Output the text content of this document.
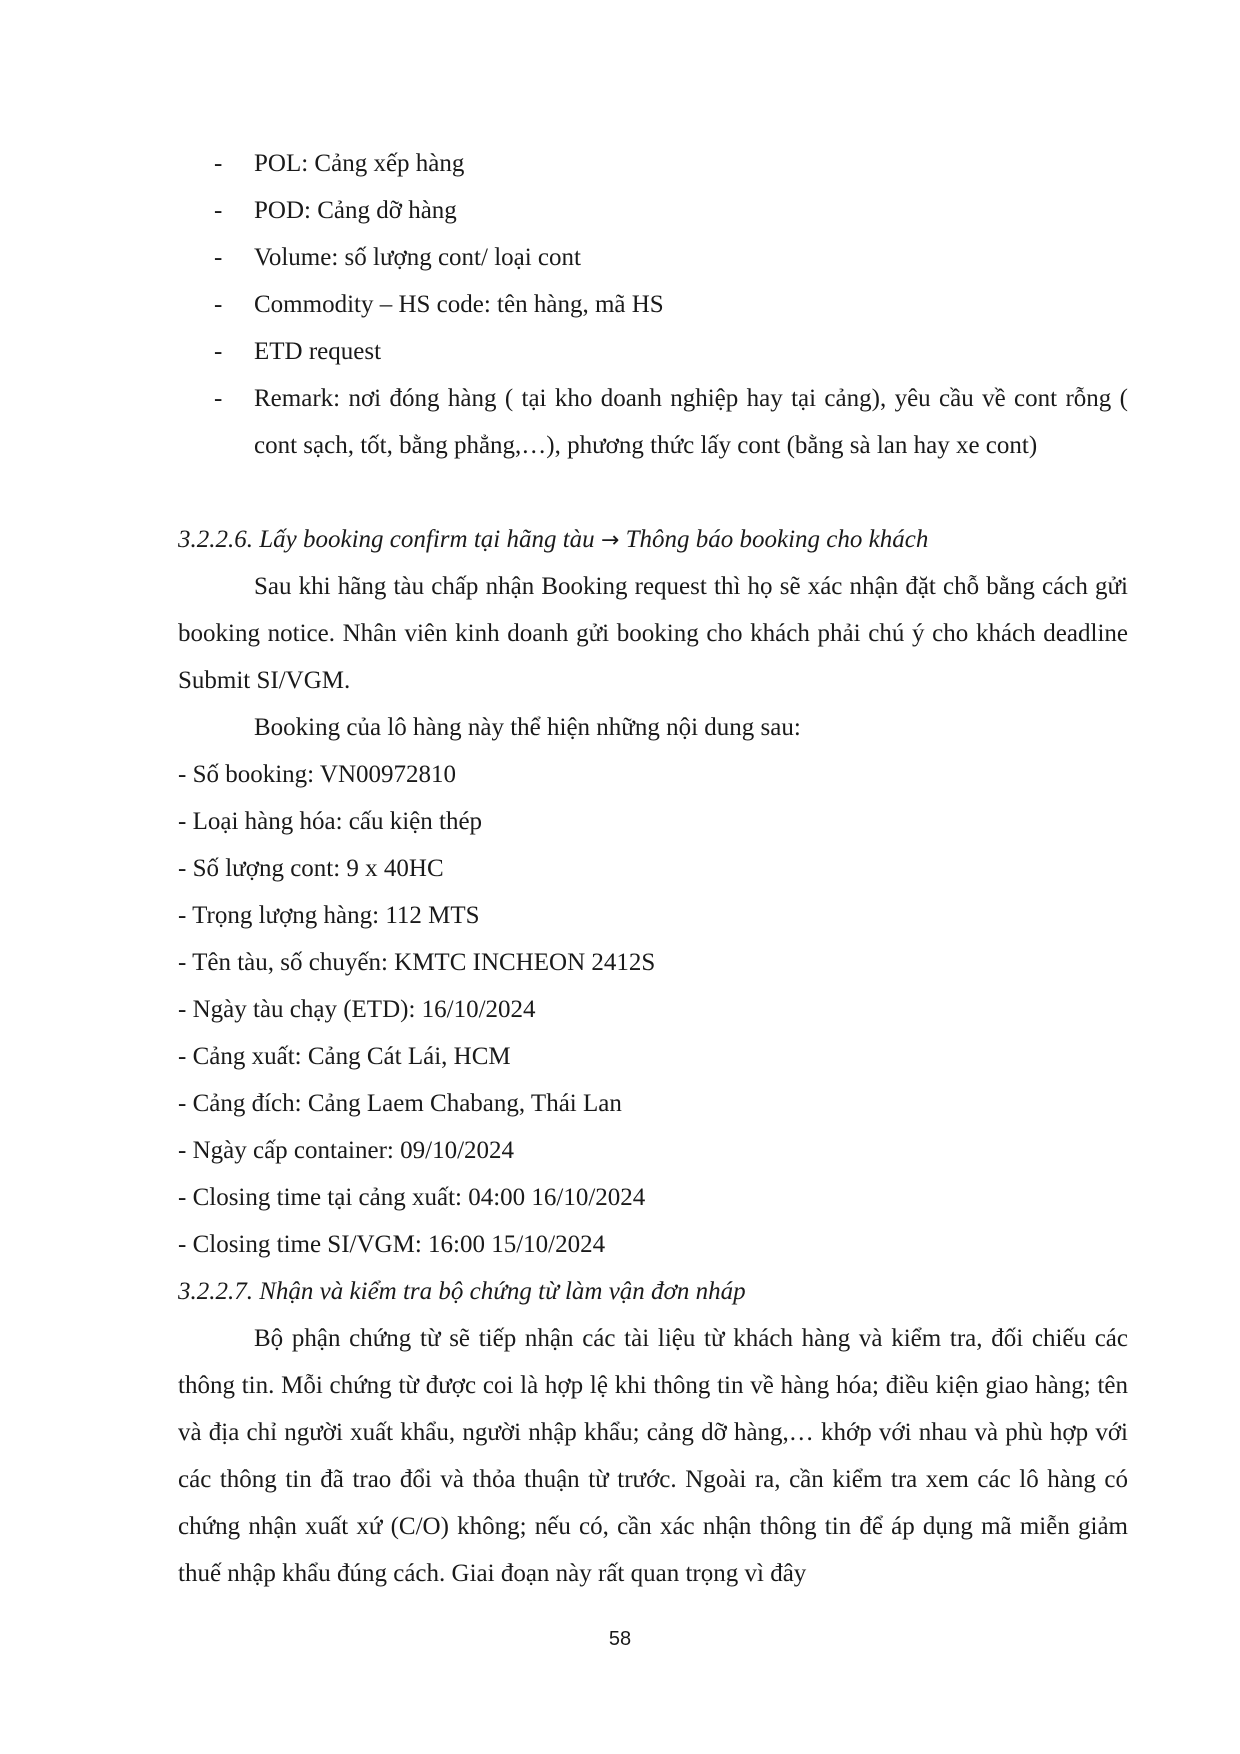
- POL: Cảng xếp hàng
- POD: Cảng dỡ hàng
- Volume: số lượng cont/ loại cont
- Commodity – HS code: tên hàng, mã HS
- ETD request
- Remark: nơi đóng hàng ( tại kho doanh nghiệp hay tại cảng), yêu cầu về cont rỗng ( cont sạch, tốt, bằng phẳng,…), phương thức lấy cont (bằng sà lan hay xe cont)
3.2.2.6. Lấy booking confirm tại hãng tàu → Thông báo booking cho khách

Sau khi hãng tàu chấp nhận Booking request thì họ sẽ xác nhận đặt chỗ bằng cách gửi booking notice. Nhân viên kinh doanh gửi booking cho khách phải chú ý cho khách deadline Submit SI/VGM.

Booking của lô hàng này thể hiện những nội dung sau:

- Số booking: VN00972810
- Loại hàng hóa: cấu kiện thép
- Số lượng cont: 9 x 40HC
- Trọng lượng hàng: 112 MTS
- Tên tàu, số chuyến: KMTC INCHEON 2412S
- Ngày tàu chạy (ETD): 16/10/2024
- Cảng xuất: Cảng Cát Lái, HCM
- Cảng đích: Cảng Laem Chabang, Thái Lan
- Ngày cấp container: 09/10/2024
- Closing time tại cảng xuất: 04:00 16/10/2024
- Closing time SI/VGM: 16:00 15/10/2024
3.2.2.7. Nhận và kiểm tra bộ chứng từ làm vận đơn nháp

Bộ phận chứng từ sẽ tiếp nhận các tài liệu từ khách hàng và kiểm tra, đối chiếu các thông tin. Mỗi chứng từ được coi là hợp lệ khi thông tin về hàng hóa; điều kiện giao hàng; tên và địa chỉ người xuất khẩu, người nhập khẩu; cảng dỡ hàng,… khớp với nhau và phù hợp với các thông tin đã trao đổi và thỏa thuận từ trước. Ngoài ra, cần kiểm tra xem các lô hàng có chứng nhận xuất xứ (C/O) không; nếu có, cần xác nhận thông tin để áp dụng mã miễn giảm thuế nhập khẩu đúng cách. Giai đoạn này rất quan trọng vì đây

58
